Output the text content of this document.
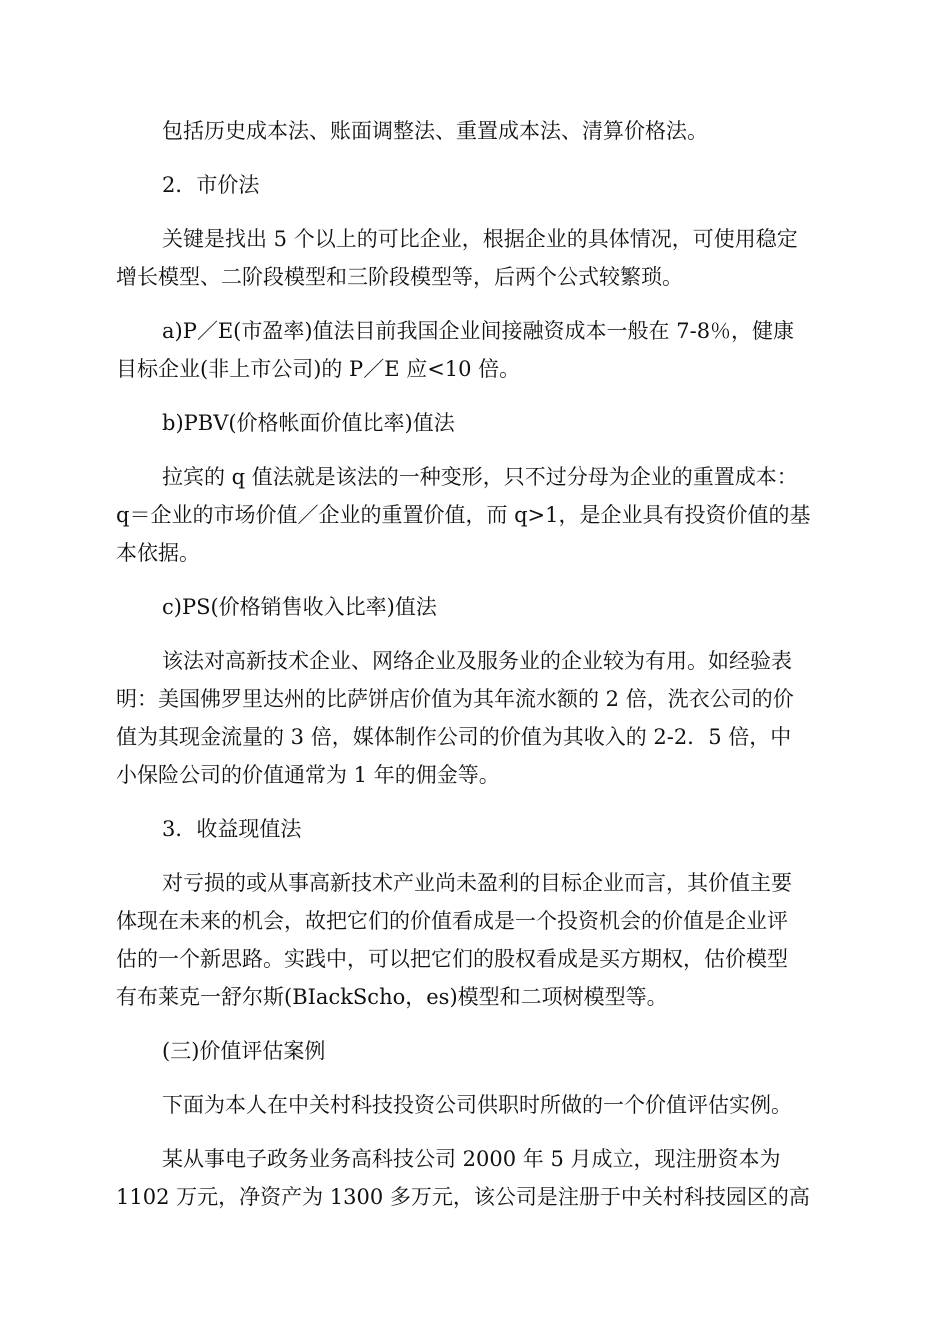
包括历史成本法、账面调整法、重置成本法、清算价格法。
2．市价法
关键是找出 5 个以上的可比企业，根据企业的具体情况，可使用稳定
增长模型、二阶段模型和三阶段模型等，后两个公式较繁琐。
a)P／E(市盈率)值法目前我国企业间接融资成本一般在 7-8％，健康
目标企业(非上市公司)的 P／E 应<10 倍。
b)PBV(价格帐面价值比率)值法
拉宾的 q 值法就是该法的一种变形，只不过分母为企业的重置成本：
q＝企业的市场价值／企业的重置价值，而 q>1，是企业具有投资价值的基
本依据。
c)PS(价格销售收入比率)值法
该法对高新技术企业、网络企业及服务业的企业较为有用。如经验表
明：美国佛罗里达州的比萨饼店价值为其年流水额的 2 倍，洗衣公司的价
值为其现金流量的 3 倍，媒体制作公司的价值为其收入的 2-2．5 倍，中
小保险公司的价值通常为 1 年的佣金等。
3．收益现值法
对亏损的或从事高新技术产业尚未盈利的目标企业而言，其价值主要
体现在未来的机会，故把它们的价值看成是一个投资机会的价值是企业评
估的一个新思路。实践中，可以把它们的股权看成是买方期权，估价模型
有布莱克一舒尔斯(BIackScho，es)模型和二项树模型等。
(三)价值评估案例
下面为本人在中关村科技投资公司供职时所做的一个价值评估实例。
某从事电子政务业务高科技公司 2000 年 5 月成立，现注册资本为
1102 万元，净资产为 1300 多万元，该公司是注册于中关村科技园区的高
